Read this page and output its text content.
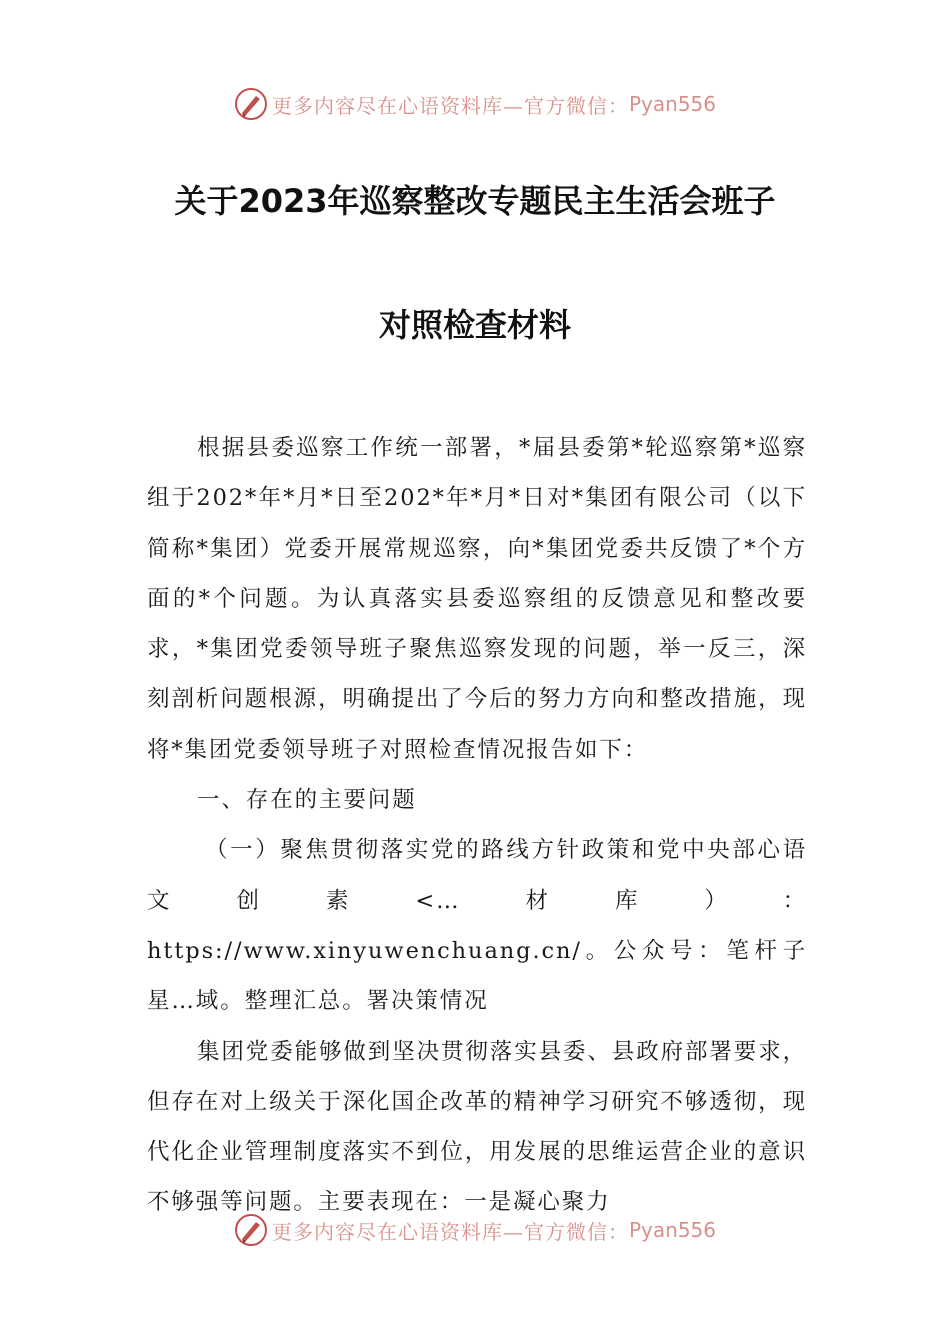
更多内容尽在心语资料库—官方微信： Pyan556
关于2023年巡察整改专题民主生活会班子
对照检查材料

根据县委巡察工作统一部署，*届县委第*轮巡察第*巡察组于202*年*月*日至202*年*月*日对*集团有限公司（以下简称*集团）党委开展常规巡察，向*集团党委共反馈了*个方面的*个问题。为认真落实县委巡察组的反馈意见和整改要求，*集团党委领导班子聚焦巡察发现的问题，举一反三，深刻剖析问题根源，明确提出了今后的努力方向和整改措施，现将*集团党委领导班子对照检查情况报告如下：

一、存在的主要问题

（一）聚焦贯彻落实党的路线方针政策和党中央部心语文创素<…材库）：https://www.xinyuwenchuang.cn/。公众号：笔杆子星…域。整理汇总。署决策情况

集团党委能够做到坚决贯彻落实县委、县政府部署要求，但存在对上级关于深化国企改革的精神学习研究不够透彻，现代化企业管理制度落实不到位，用发展的思维运营企业的意识不够强等问题。主要表现在：一是凝心聚力

更多内容尽在心语资料库—官方微信： Pyan556
